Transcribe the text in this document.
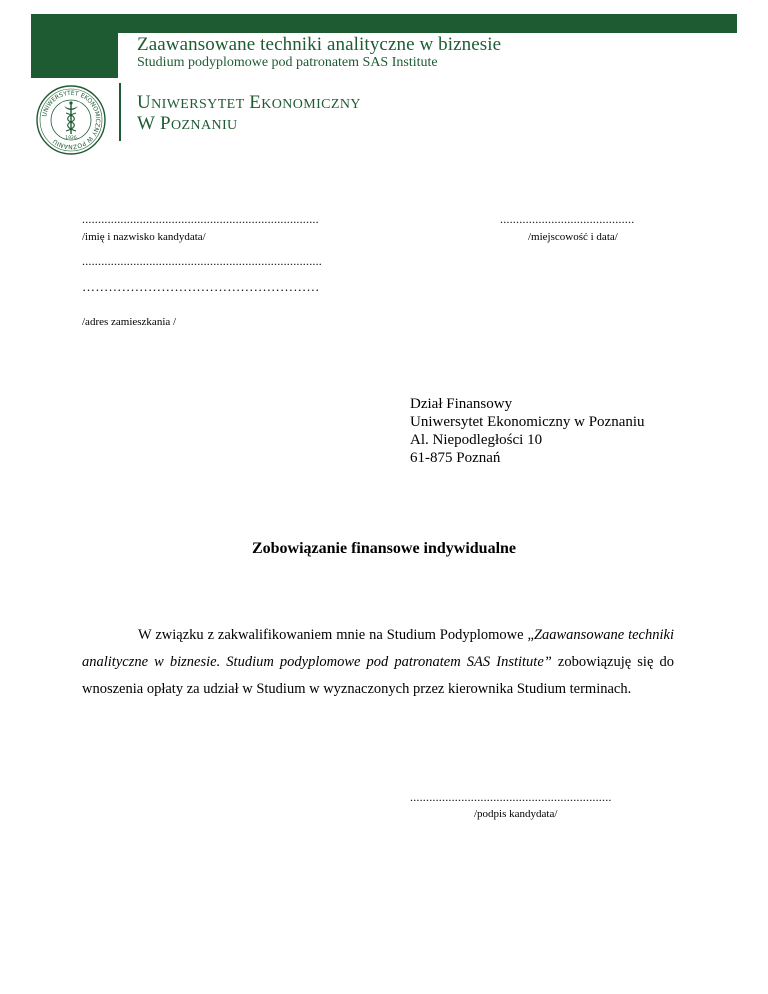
Zaawansowane techniki analityczne w biznesie
Studium podyplomowe pod patronatem SAS Institute
UNIWERSYTET EKONOMICZNY W POZNANIU	1926
UNIWERSYTET EKONOMICZNY
W POZNANIU
..........................................................................
/imię i nazwisko kandydata/
..........................................
/miejscowość i data/
...........................................................................
………………………………………………
/adres zamieszkania /
Dział Finansowy
Uniwersytet Ekonomiczny w Poznaniu
Al. Niepodległości 10
61-875 Poznań
Zobowiązanie finansowe indywidualne
W związku z zakwalifikowaniem mnie na Studium Podyplomowe „Zaawansowane techniki analityczne w biznesie. Studium podyplomowe pod patronatem SAS Institute” zobowiązuję się do wnoszenia opłaty za udział w Studium w wyznaczonych przez kierownika Studium terminach.
...............................................................
/podpis kandydata/
